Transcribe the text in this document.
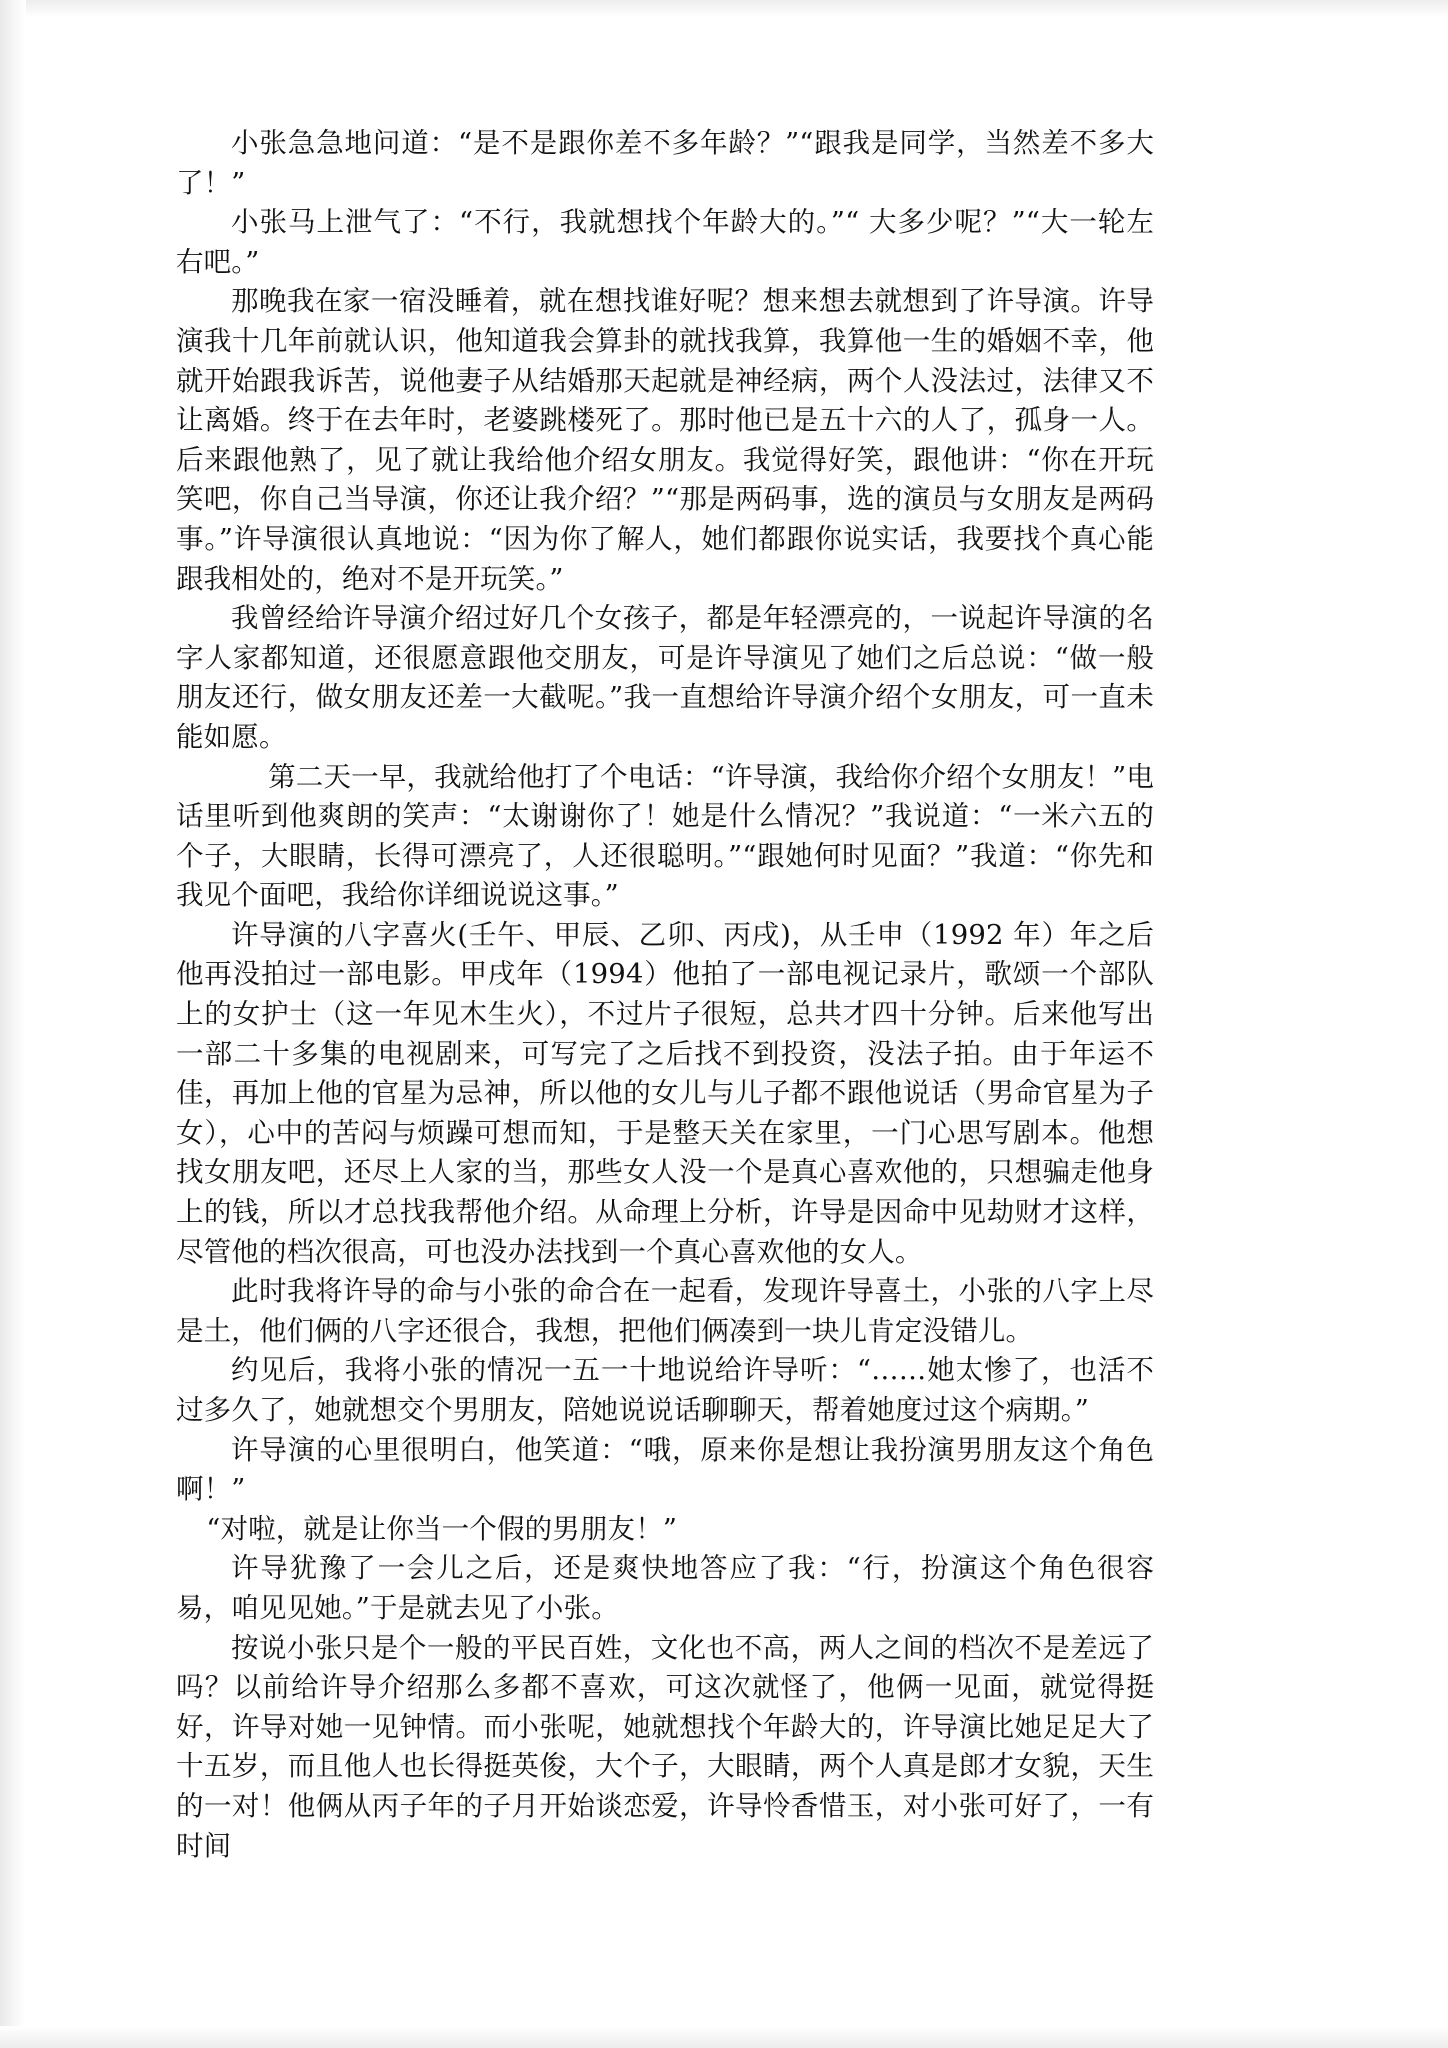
小张急急地问道：“是不是跟你差不多年龄？”“跟我是同学，当然差不多大了！”

小张马上泄气了：“不行，我就想找个年龄大的。”“ 大多少呢？”“大一轮左右吧。”

那晚我在家一宿没睡着，就在想找谁好呢？想来想去就想到了许导演。许导演我十几年前就认识，他知道我会算卦的就找我算，我算他一生的婚姻不幸，他就开始跟我诉苦，说他妻子从结婚那天起就是神经病，两个人没法过，法律又不让离婚。终于在去年时，老婆跳楼死了。那时他已是五十六的人了，孤身一人。后来跟他熟了，见了就让我给他介绍女朋友。我觉得好笑，跟他讲：“你在开玩笑吧，你自己当导演，你还让我介绍？”“那是两码事，选的演员与女朋友是两码事。”许导演很认真地说：“因为你了解人，她们都跟你说实话，我要找个真心能跟我相处的，绝对不是开玩笑。”

我曾经给许导演介绍过好几个女孩子，都是年轻漂亮的，一说起许导演的名字人家都知道，还很愿意跟他交朋友，可是许导演见了她们之后总说：“做一般朋友还行，做女朋友还差一大截呢。”我一直想给许导演介绍个女朋友，可一直未能如愿。

第二天一早，我就给他打了个电话：“许导演，我给你介绍个女朋友！”电话里听到他爽朗的笑声：“太谢谢你了！她是什么情况？”我说道：“一米六五的个子，大眼睛，长得可漂亮了，人还很聪明。”“跟她何时见面？”我道：“你先和我见个面吧，我给你详细说说这事。”

许导演的八字喜火(壬午、甲辰、乙卯、丙戌)，从壬申（1992 年）年之后他再没拍过一部电影。甲戌年（1994）他拍了一部电视记录片，歌颂一个部队上的女护士（这一年见木生火），不过片子很短，总共才四十分钟。后来他写出一部二十多集的电视剧来，可写完了之后找不到投资，没法子拍。由于年运不佳，再加上他的官星为忌神，所以他的女儿与儿子都不跟他说话（男命官星为子女），心中的苦闷与烦躁可想而知，于是整天关在家里，一门心思写剧本。他想找女朋友吧，还尽上人家的当，那些女人没一个是真心喜欢他的，只想骗走他身上的钱，所以才总找我帮他介绍。从命理上分析，许导是因命中见劫财才这样，尽管他的档次很高，可也没办法找到一个真心喜欢他的女人。

此时我将许导的命与小张的命合在一起看，发现许导喜土，小张的八字上尽是土，他们俩的八字还很合，我想，把他们俩凑到一块儿肯定没错儿。

约见后，我将小张的情况一五一十地说给许导听：“……她太惨了，也活不过多久了，她就想交个男朋友，陪她说说话聊聊天，帮着她度过这个病期。”

许导演的心里很明白，他笑道：“哦，原来你是想让我扮演男朋友这个角色啊！”

“对啦，就是让你当一个假的男朋友！”

许导犹豫了一会儿之后，还是爽快地答应了我：“行，扮演这个角色很容易，咱见见她。”于是就去见了小张。

按说小张只是个一般的平民百姓，文化也不高，两人之间的档次不是差远了吗？以前给许导介绍那么多都不喜欢，可这次就怪了，他俩一见面，就觉得挺好，许导对她一见钟情。而小张呢，她就想找个年龄大的，许导演比她足足大了十五岁，而且他人也长得挺英俊，大个子，大眼睛，两个人真是郎才女貌，天生的一对！他俩从丙子年的子月开始谈恋爱，许导怜香惜玉，对小张可好了，一有时间
